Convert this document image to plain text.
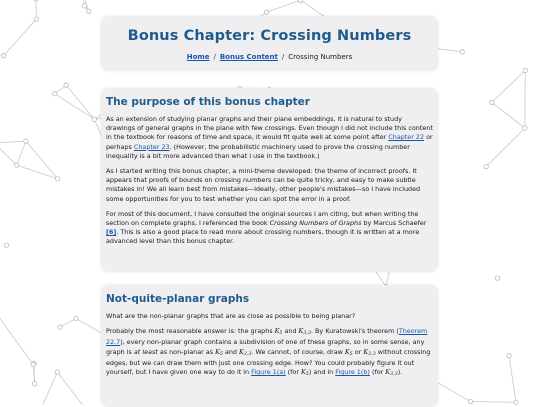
Bonus Chapter: Crossing Numbers
Home / Bonus Content / Crossing Numbers
The purpose of this bonus chapter

As an extension of studying planar graphs and their plane embeddings, it is natural to study drawings of general graphs in the plane with few crossings. Even though I did not include this content in the textbook for reasons of time and space, it would fit quite well at some point after Chapter 22 or perhaps Chapter 23. (However, the probabilistic machinery used to prove the crossing number inequality is a bit more advanced than what I use in the textbook.)

As I started writing this bonus chapter, a mini-theme developed: the theme of incorrect proofs. It appears that proofs of bounds on crossing numbers can be quite tricky, and easy to make subtle mistakes in! We all learn best from mistakes—ideally, other people's mistakes—so I have included some opportunities for you to test whether you can spot the error in a proof.

For most of this document, I have consulted the original sources I am citing, but when writing the section on complete graphs, I referenced the book Crossing Numbers of Graphs by Marcus Schaefer [6]. This is also a good place to read more about crossing numbers, though it is written at a more advanced level than this bonus chapter.

Not-quite-planar graphs

What are the non-planar graphs that are as close as possible to being planar?

Probably the most reasonable answer is: the graphs $K_5$ and $K_{3,3}$. By Kuratowski's theorem (Theorem 22.7), every non-planar graph contains a subdivision of one of these graphs, so in some sense, any graph is at least as non-planar as $K_5$ and $K_{3,3}$. We cannot, of course, draw $K_5$ or $K_{3,3}$ without crossing edges, but we can draw them with just one crossing edge. How? You could probably figure it out yourself, but I have given one way to do it in Figure 1(a) (for $K_5$) and in Figure 1(b) (for $K_{3,3}$).
